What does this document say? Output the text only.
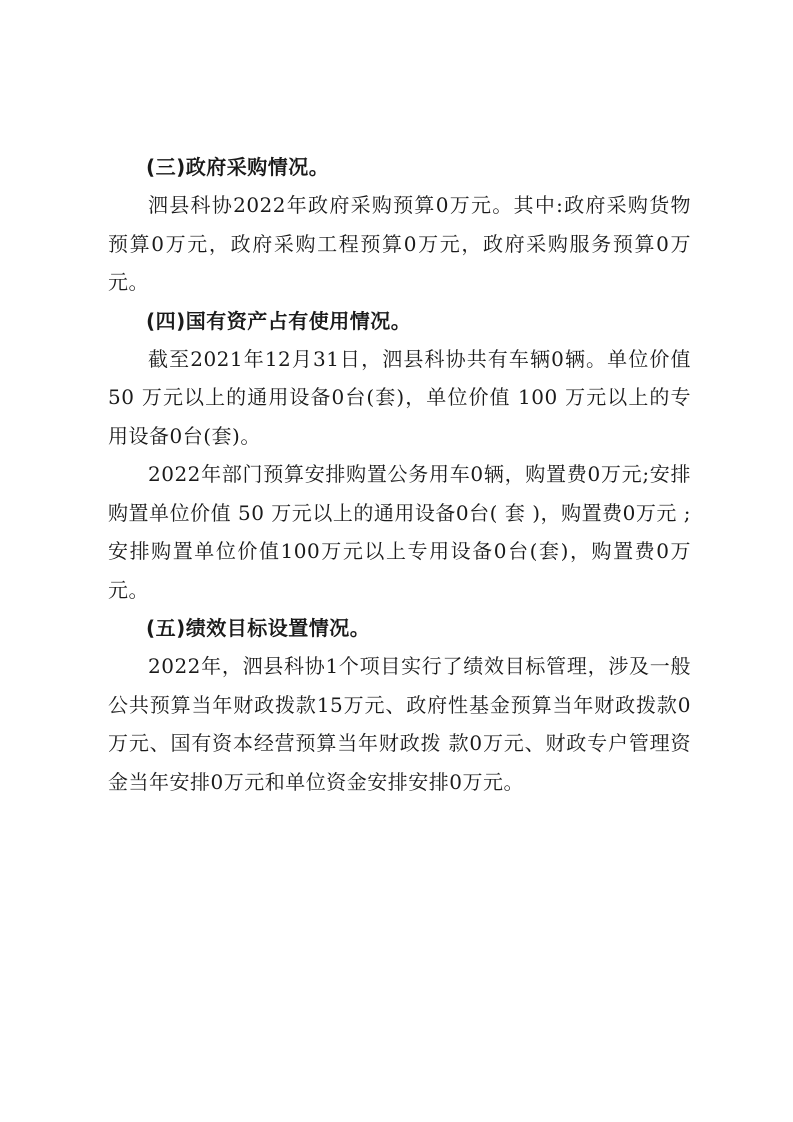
(三)政府采购情况。

泗县科协2022年政府采购预算0万元。其中:政府采购货物预算0万元，政府采购工程预算0万元，政府采购服务预算0万元。

(四)国有资产占有使用情况。

截至2021年12月31日，泗县科协共有车辆0辆。单位价值 50 万元以上的通用设备0台(套)，单位价值 100 万元以上的专用设备0台(套)。

2022年部门预算安排购置公务用车0辆，购置费0万元;安排购置单位价值 50 万元以上的通用设备0台( 套 )，购置费0万元 ;安排购置单位价值100万元以上专用设备0台(套)，购置费0万元。

(五)绩效目标设置情况。

2022年，泗县科协1个项目实行了绩效目标管理，涉及一般公共预算当年财政拨款15万元、政府性基金预算当年财政拨款0万元、国有资本经营预算当年财政拨 款0万元、财政专户管理资金当年安排0万元和单位资金安排安排0万元。
